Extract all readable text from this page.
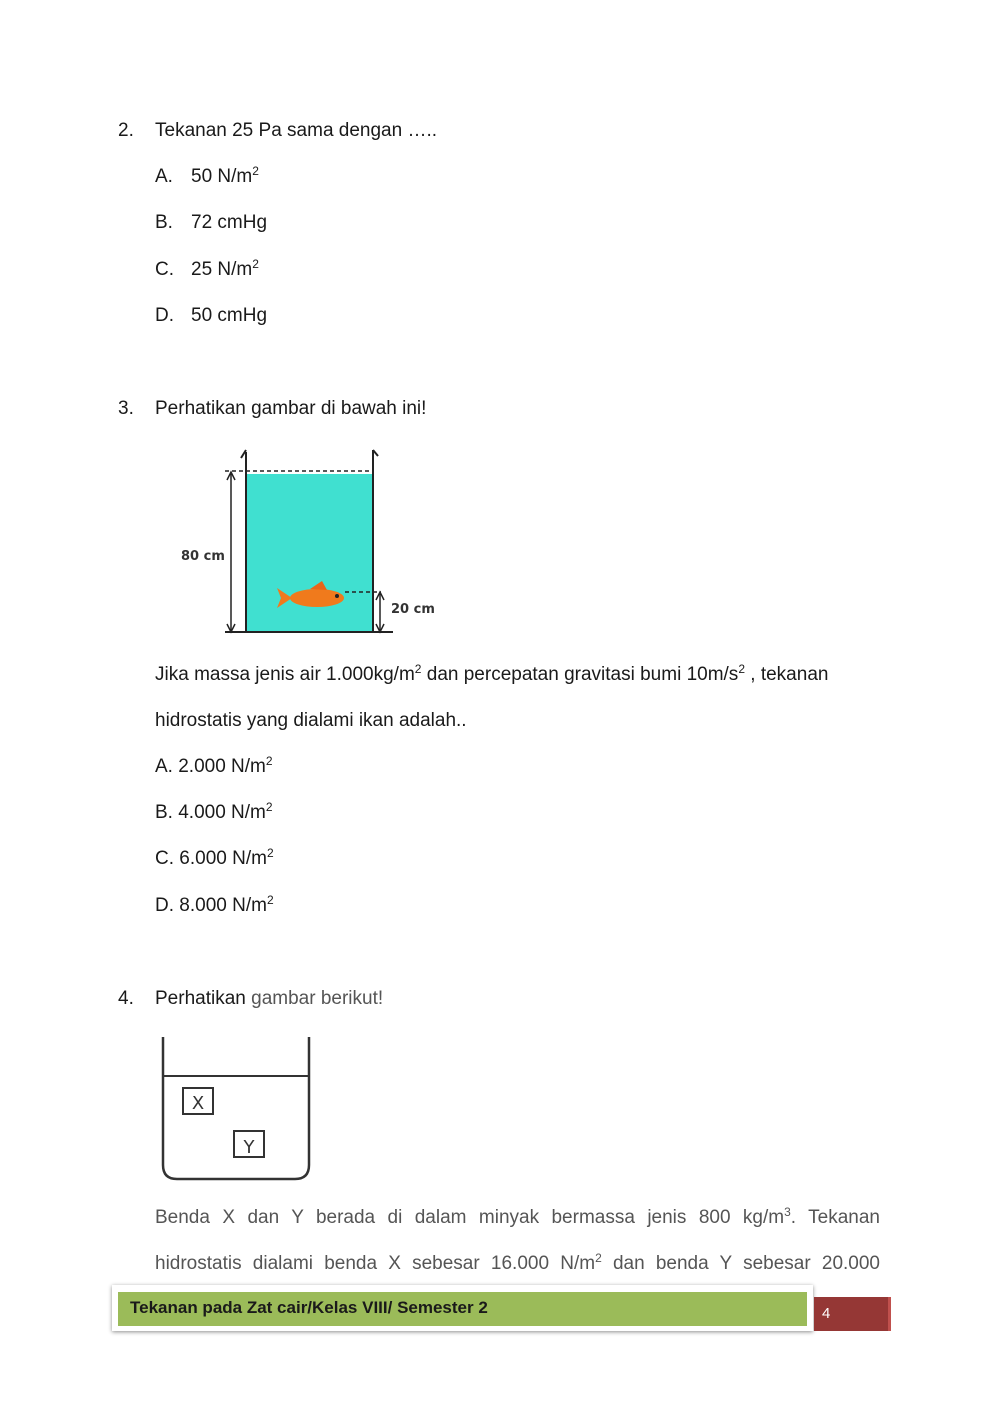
2. Tekanan 25 Pa sama dengan …..
A. 50 $N/m^2$
B. 72 cmHg
C. 25 $N/m^2$
D. 50 cmHg
3. Perhatikan gambar di bawah ini!
80 cm
20 cm
Jika massa jenis air $1.000kg/m^2$ dan percepatan gravitasi bumi $10m/s^2$ , tekanan
hidrostatis yang dialami ikan adalah..
A. 2.000 $N/m^2$
B. 4.000 $N/m^2$
C. 6.000 $N/m^2$
D. 8.000 $N/m^2$
4. Perhatikan gambar berikut!
X
Y
Benda X dan Y berada di dalam minyak bermassa jenis 800 $kg/m^3$. Tekanan
hidrostatis dialami benda X sebesar 16.000 $N/m^2$ dan benda Y sebesar 20.000
Tekanan pada Zat cair/Kelas VIII/ Semester 2	4
